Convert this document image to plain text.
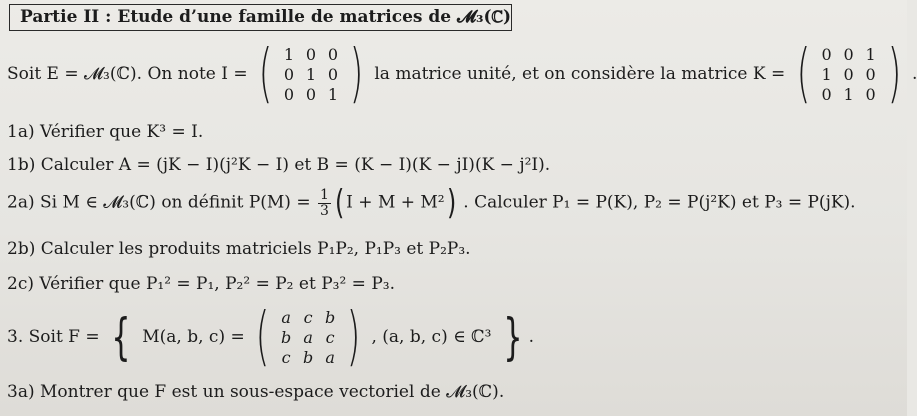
Partie II : Etude d’une famille de matrices de 𝓜₃(ℂ)
Soit E = 𝓜₃(ℂ). On note I = ( 1 0 0
0 1 0
0 0 1 ) la matrice unité, et on considère la matrice K = ( 0 0 1
1 0 0
0 1 0 ) .
1a) Vérifier que K³ = I.
1b) Calculer A = (jK − I)(j²K − I) et B = (K − I)(K − jI)(K − j²I).
2a) Si M ∈ 𝓜₃(ℂ) on définit $P(M) = \frac{1}{3}$ ( I + M + M²) . Calculer P₁ = P(K), P₂ = P(j²K) et P₃ = P(jK).
2b) Calculer les produits matriciels P₁P₂, P₁P₃ et P₂P₃.
2c) Vérifier que P₁² = P₁, P₂² = P₂ et P₃² = P₃.
3. Soit F = { M(a, b, c) = ( a c b
b a c
c b a ) , (a, b, c) ∈ ℂ³ } .
3a) Montrer que F est un sous-espace vectoriel de 𝓜₃(ℂ).
